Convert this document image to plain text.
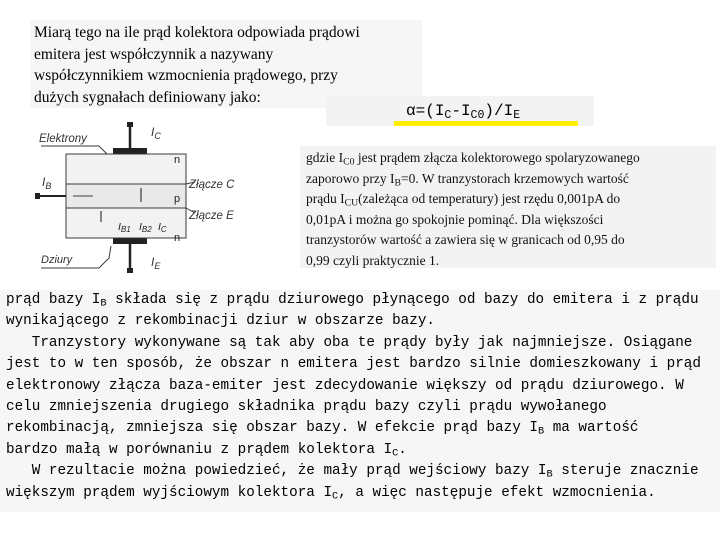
Miarą tego na ile prąd kolektora odpowiada prądowi
emitera jest współczynnik a nazywany
współczynnikiem wzmocnienia prądowego, przy
dużych sygnałach definiowany jako:
$\alpha=(I_C-I_{C0})/I_E$
Elektrony
Dziury
n
p
n
Złącze C
Złącze E
$I_C$
$I_B$
$I_E$
IB1 IB2 IC
gdzie $I_{C0}$ jest prądem złącza kolektorowego spolaryzowanego
zaporowo przy $I_B=0$. W tranzystorach krzemowych wartość
prądu $I_{CU}(zależąca$ od temperatury) jest rzędu 0,001pA do
0,01pA i można go spokojnie pominąć. Dla większości
tranzystorów wartość a zawiera się w granicach od 0,95 do
0,99 czyli praktycznie 1.
prąd bazy $I_B$ składa się z prądu dziurowego płynącego od bazy do emitera i z prądu
wynikającego z rekombinacji dziur w obszarze bazy.
Tranzystory wykonywane są tak aby oba te prądy były jak najmniejsze. Osiągane
jest to w ten sposób, że obszar n emitera jest bardzo silnie domieszkowany i prąd
elektronowy złącza baza-emiter jest zdecydowanie większy od prądu dziurowego. W
celu zmniejszenia drugiego składnika prądu bazy czyli prądu wywołanego
rekombinacją, zmniejsza się obszar bazy. W efekcie prąd bazy $I_B$ ma wartość
bardzo małą w porównaniu z prądem kolektora $I_C$.
W rezultacie można powiedzieć, że mały prąd wejściowy bazy $I_B$ steruje znacznie
większym prądem wyjściowym kolektora $I_C$, a więc następuje efekt wzmocnienia.
